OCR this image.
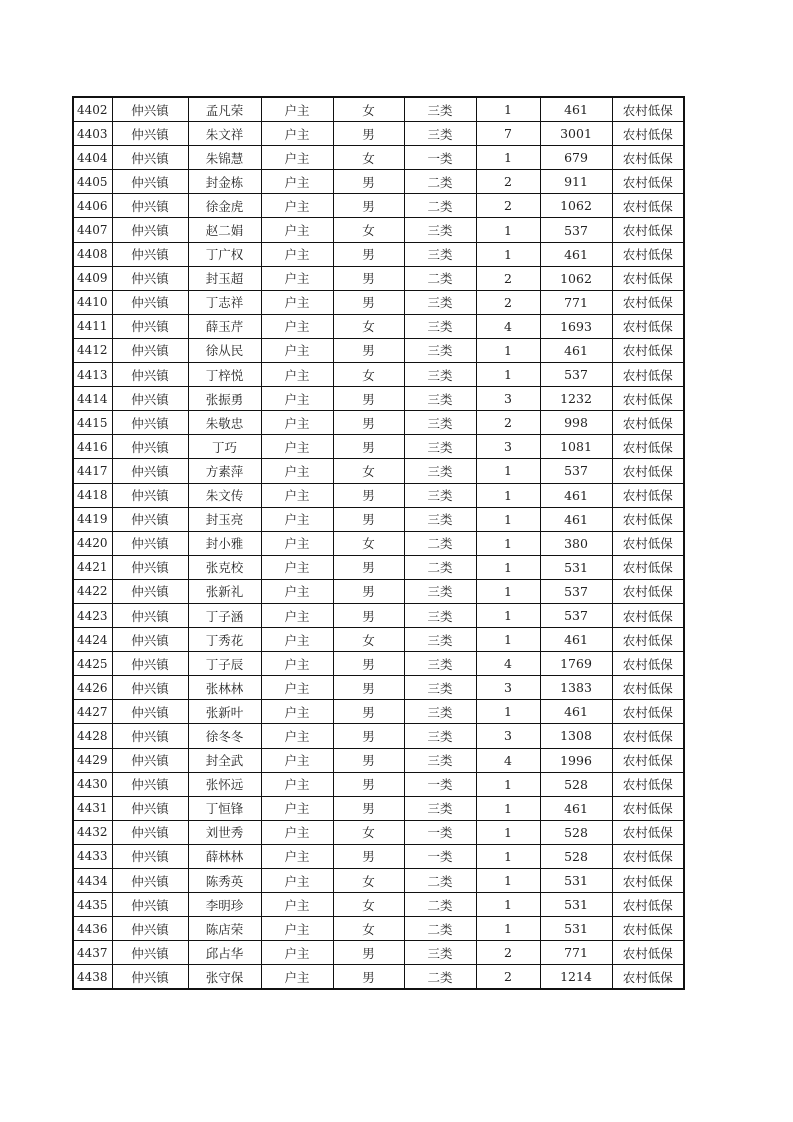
4402	仲兴镇	孟凡荣	户主	女	三类	1	461	农村低保
4403	仲兴镇	朱文祥	户主	男	三类	7	3001	农村低保
4404	仲兴镇	朱锦慧	户主	女	一类	1	679	农村低保
4405	仲兴镇	封金栋	户主	男	二类	2	911	农村低保
4406	仲兴镇	徐金虎	户主	男	二类	2	1062	农村低保
4407	仲兴镇	赵二娟	户主	女	三类	1	537	农村低保
4408	仲兴镇	丁广权	户主	男	三类	1	461	农村低保
4409	仲兴镇	封玉超	户主	男	二类	2	1062	农村低保
4410	仲兴镇	丁志祥	户主	男	三类	2	771	农村低保
4411	仲兴镇	薛玉芹	户主	女	三类	4	1693	农村低保
4412	仲兴镇	徐从民	户主	男	三类	1	461	农村低保
4413	仲兴镇	丁梓悦	户主	女	三类	1	537	农村低保
4414	仲兴镇	张振勇	户主	男	三类	3	1232	农村低保
4415	仲兴镇	朱敬忠	户主	男	三类	2	998	农村低保
4416	仲兴镇	丁巧	户主	男	三类	3	1081	农村低保
4417	仲兴镇	方素萍	户主	女	三类	1	537	农村低保
4418	仲兴镇	朱文传	户主	男	三类	1	461	农村低保
4419	仲兴镇	封玉亮	户主	男	三类	1	461	农村低保
4420	仲兴镇	封小雅	户主	女	二类	1	380	农村低保
4421	仲兴镇	张克校	户主	男	二类	1	531	农村低保
4422	仲兴镇	张新礼	户主	男	三类	1	537	农村低保
4423	仲兴镇	丁子涵	户主	男	三类	1	537	农村低保
4424	仲兴镇	丁秀花	户主	女	三类	1	461	农村低保
4425	仲兴镇	丁子辰	户主	男	三类	4	1769	农村低保
4426	仲兴镇	张林林	户主	男	三类	3	1383	农村低保
4427	仲兴镇	张新叶	户主	男	三类	1	461	农村低保
4428	仲兴镇	徐冬冬	户主	男	三类	3	1308	农村低保
4429	仲兴镇	封全武	户主	男	三类	4	1996	农村低保
4430	仲兴镇	张怀远	户主	男	一类	1	528	农村低保
4431	仲兴镇	丁恒锋	户主	男	三类	1	461	农村低保
4432	仲兴镇	刘世秀	户主	女	一类	1	528	农村低保
4433	仲兴镇	薛林林	户主	男	一类	1	528	农村低保
4434	仲兴镇	陈秀英	户主	女	二类	1	531	农村低保
4435	仲兴镇	李明珍	户主	女	二类	1	531	农村低保
4436	仲兴镇	陈店荣	户主	女	二类	1	531	农村低保
4437	仲兴镇	邱占华	户主	男	三类	2	771	农村低保
4438	仲兴镇	张守保	户主	男	二类	2	1214	农村低保
